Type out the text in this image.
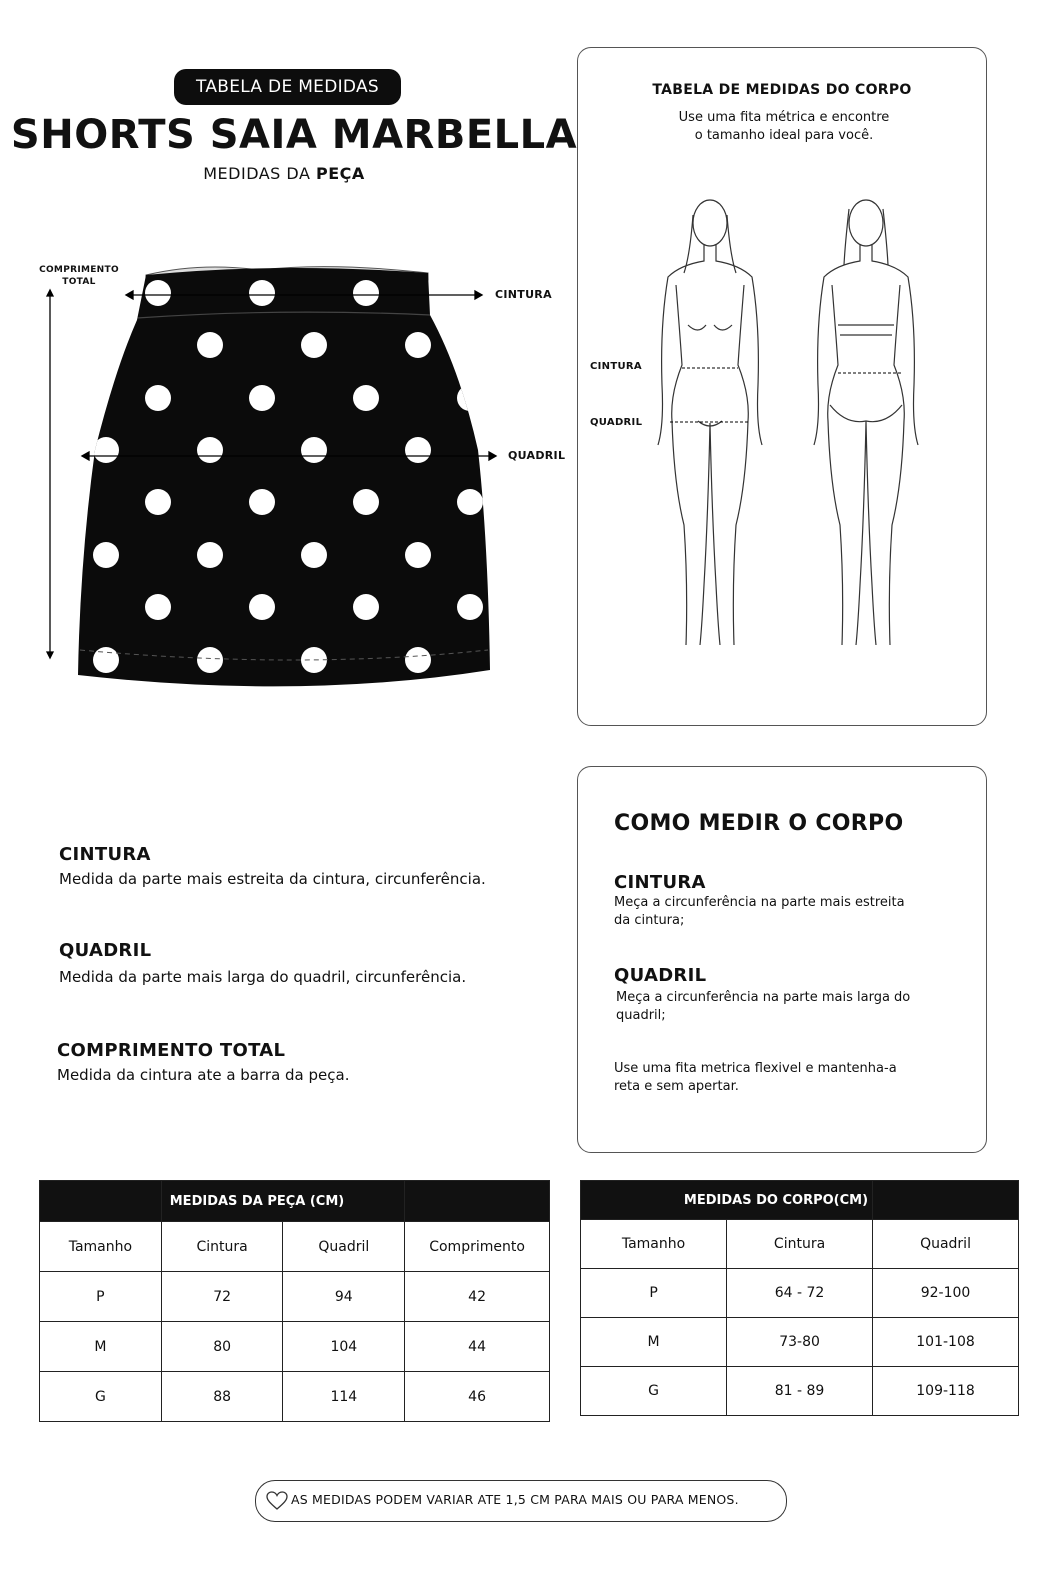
TABELA DE MEDIDAS
SHORTS SAIA MARBELLA
MEDIDAS DA PEÇA
COMPRIMENTO
TOTAL
CINTURA
QUADRIL
TABELA DE MEDIDAS DO CORPO
Use uma fita métrica e encontre
o tamanho ideal para você.
CINTURA
QUADRIL
CINTURA
Medida da parte mais estreita da cintura, circunferência.
QUADRIL
Medida da parte mais larga do quadril, circunferência.
COMPRIMENTO TOTAL
Medida da cintura ate a barra da peça.
COMO MEDIR O CORPO
CINTURA
Meça a circunferência na parte mais estreita
da cintura;
QUADRIL
Meça a circunferência na parte mais larga do
quadril;
Use uma fita metrica flexivel e mantenha-a
reta e sem apertar.
	MEDIDAS DA PEÇA (CM)		
Tamanho	Cintura	Quadril	Comprimento
P	72	94	42
M	80	104	44
G	88	114	46
MEDIDAS DO CORPO(CM)		
Tamanho	Cintura	Quadril
P	64 - 72	92-100
M	73-80	101-108
G	81 - 89	109-118
AS MEDIDAS PODEM VARIAR ATE 1,5 CM PARA MAIS OU PARA MENOS.
